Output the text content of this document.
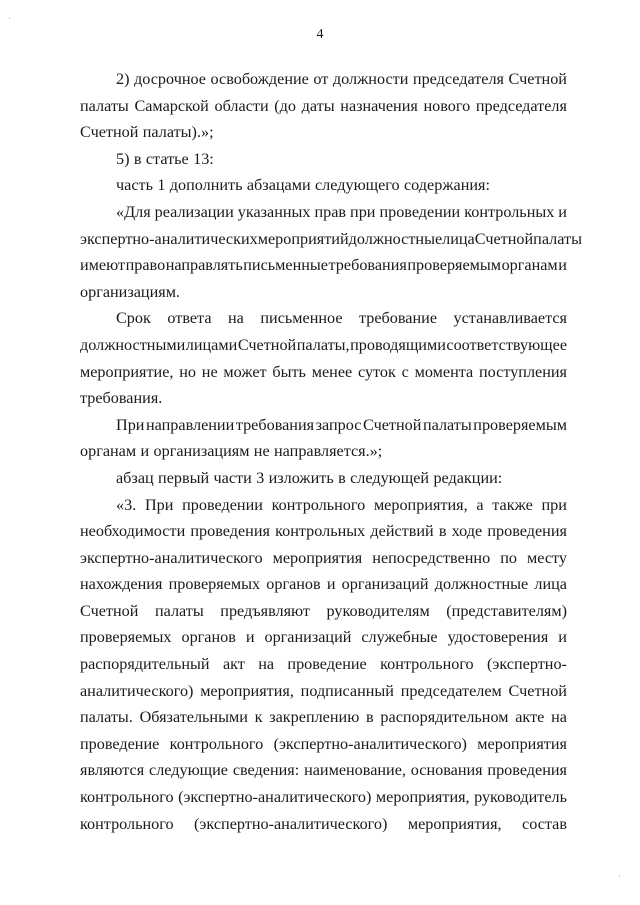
4
2) досрочное освобождение от должности председателя Счетной
палаты Самарской области (до даты назначения нового председателя
Счетной палаты).»;
5) в статье 13:
часть 1 дополнить абзацами следующего содержания:
«Для реализации указанных прав при проведении контрольных и
экспертно-аналитических мероприятий должностные лица Счетной палаты
имеют право направлять письменные требования проверяемым органам и
организациям.
Срок ответа на письменное требование устанавливается
должностными лицами Счетной палаты, проводящими соответствующее
мероприятие, но не может быть менее суток с момента поступления
требования.
При направлении требования запрос Счетной палаты проверяемым
органам и организациям не направляется.»;
абзац первый части 3 изложить в следующей редакции:
«3. При проведении контрольного мероприятия, а также при
необходимости проведения контрольных действий в ходе проведения
экспертно-аналитического мероприятия непосредственно по месту
нахождения проверяемых органов и организаций должностные лица
Счетной палаты предъявляют руководителям (представителям)
проверяемых органов и организаций служебные удостоверения и
распорядительный акт на проведение контрольного (экспертно-
аналитического) мероприятия, подписанный председателем Счетной
палаты. Обязательными к закреплению в распорядительном акте на
проведение контрольного (экспертно-аналитического) мероприятия
являются следующие сведения: наименование, основания проведения
контрольного (экспертно-аналитического) мероприятия, руководитель
контрольного (экспертно-аналитического) мероприятия, состав
·
·
